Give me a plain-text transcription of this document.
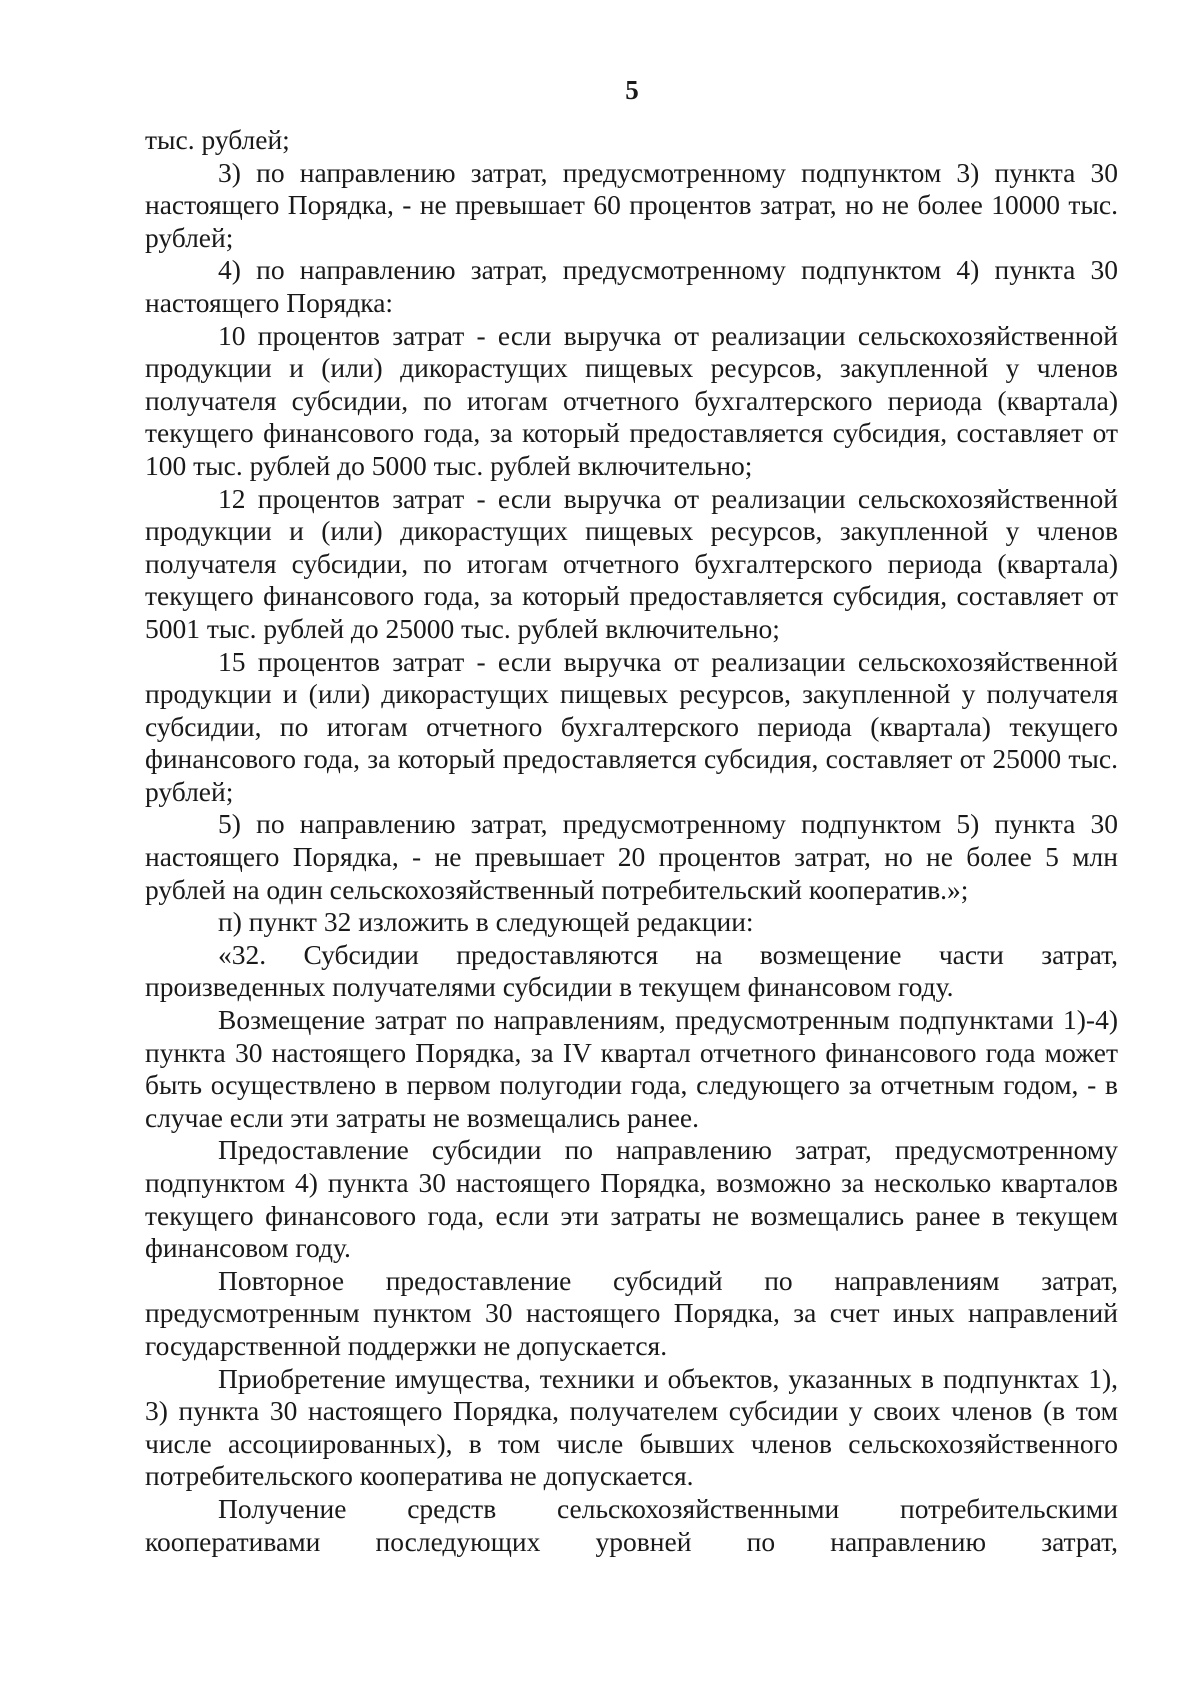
5

тыс. рублей;

3) по направлению затрат, предусмотренному подпунктом 3) пункта 30 настоящего Порядка, - не превышает 60 процентов затрат, но не более 10000 тыс. рублей;

4) по направлению затрат, предусмотренному подпунктом 4) пункта 30 настоящего Порядка:

10 процентов затрат - если выручка от реализации сельскохозяйственной продукции и (или) дикорастущих пищевых ресурсов, закупленной у членов получателя субсидии, по итогам отчетного бухгалтерского периода (квартала) текущего финансового года, за который предоставляется субсидия, составляет от 100 тыс. рублей до 5000 тыс. рублей включительно;

12 процентов затрат - если выручка от реализации сельскохозяйственной продукции и (или) дикорастущих пищевых ресурсов, закупленной у членов получателя субсидии, по итогам отчетного бухгалтерского периода (квартала) текущего финансового года, за который предоставляется субсидия, составляет от 5001 тыс. рублей до 25000 тыс. рублей включительно;

15 процентов затрат - если выручка от реализации сельскохозяйственной продукции и (или) дикорастущих пищевых ресурсов, закупленной у получателя субсидии, по итогам отчетного бухгалтерского периода (квартала) текущего финансового года, за который предоставляется субсидия, составляет от 25000 тыс. рублей;

5) по направлению затрат, предусмотренному подпунктом 5) пункта 30 настоящего Порядка, - не превышает 20 процентов затрат, но не более 5 млн рублей на один сельскохозяйственный потребительский кооператив.»;

п) пункт 32 изложить в следующей редакции:

«32. Субсидии предоставляются на возмещение части затрат, произведенных получателями субсидии в текущем финансовом году.

Возмещение затрат по направлениям, предусмотренным подпунктами 1)-4) пункта 30 настоящего Порядка, за IV квартал отчетного финансового года может быть осуществлено в первом полугодии года, следующего за отчетным годом, - в случае если эти затраты не возмещались ранее.

Предоставление субсидии по направлению затрат, предусмотренному подпунктом 4) пункта 30 настоящего Порядка, возможно за несколько кварталов текущего финансового года, если эти затраты не возмещались ранее в текущем финансовом году.

Повторное предоставление субсидий по направлениям затрат, предусмотренным пунктом 30 настоящего Порядка, за счет иных направлений государственной поддержки не допускается.

Приобретение имущества, техники и объектов, указанных в подпунктах 1), 3) пункта 30 настоящего Порядка, получателем субсидии у своих членов (в том числе ассоциированных), в том числе бывших членов сельскохозяйственного потребительского кооператива не допускается.

Получение средств сельскохозяйственными потребительскими кооперативами последующих уровней по направлению затрат,
